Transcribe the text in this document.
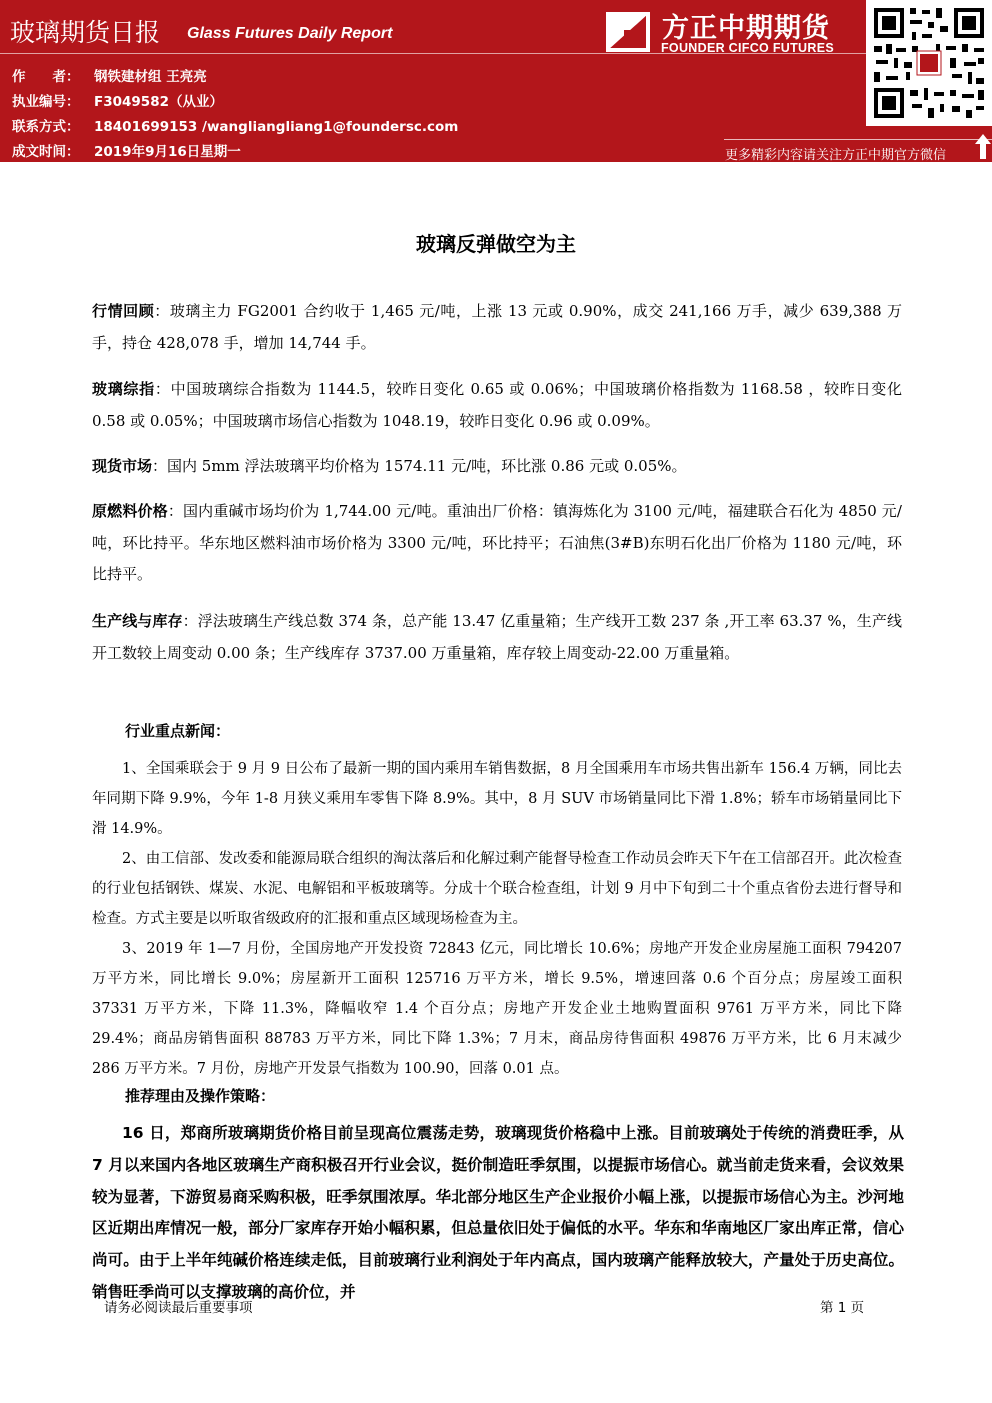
玻璃期货日报 Glass Futures Daily Report
作　　者： 钢铁建材组 王亮亮
执业编号： F3049582（从业）
联系方式： 18401699153 /wangliangliang1@foundersc.com
成文时间： 2019年9月16日星期一
方正中期期货
FOUNDER CIFCO FUTURES
更多精彩内容请关注方正中期官方微信
玻璃反弹做空为主
行情回顾：玻璃主力 FG2001 合约收于 1,465 元/吨，上涨 13 元或 0.90%，成交 241,166 万手，减少 639,388 万手，持仓 428,078 手，增加 14,744 手。
玻璃综指：中国玻璃综合指数为 1144.5，较昨日变化 0.65 或 0.06%；中国玻璃价格指数为 1168.58 ，较昨日变化 0.58 或 0.05%；中国玻璃市场信心指数为 1048.19，较昨日变化 0.96 或 0.09%。
现货市场：国内 5mm 浮法玻璃平均价格为 1574.11 元/吨，环比涨 0.86 元或 0.05%。
原燃料价格：国内重碱市场均价为 1,744.00 元/吨。重油出厂价格：镇海炼化为 3100 元/吨，福建联合石化为 4850 元/吨，环比持平。华东地区燃料油市场价格为 3300 元/吨，环比持平；石油焦(3#B)东明石化出厂价格为 1180 元/吨，环比持平。
生产线与库存：浮法玻璃生产线总数 374 条，总产能 13.47 亿重量箱；生产线开工数 237 条 ,开工率 63.37 %，生产线开工数较上周变动 0.00 条；生产线库存 3737.00 万重量箱，库存较上周变动-22.00 万重量箱。
行业重点新闻：
1、全国乘联会于 9 月 9 日公布了最新一期的国内乘用车销售数据，8 月全国乘用车市场共售出新车 156.4 万辆，同比去年同期下降 9.9%，今年 1-8 月狭义乘用车零售下降 8.9%。其中，8 月 SUV 市场销量同比下滑 1.8%；轿车市场销量同比下滑 14.9%。
2、由工信部、发改委和能源局联合组织的淘汰落后和化解过剩产能督导检查工作动员会昨天下午在工信部召开。此次检查的行业包括钢铁、煤炭、水泥、电解铝和平板玻璃等。分成十个联合检查组，计划 9 月中下旬到二十个重点省份去进行督导和检查。方式主要是以听取省级政府的汇报和重点区域现场检查为主。
3、2019 年 1—7 月份，全国房地产开发投资 72843 亿元，同比增长 10.6%；房地产开发企业房屋施工面积 794207 万平方米，同比增长 9.0%；房屋新开工面积 125716 万平方米，增长 9.5%，增速回落 0.6 个百分点；房屋竣工面积 37331 万平方米，下降 11.3%，降幅收窄 1.4 个百分点；房地产开发企业土地购置面积 9761 万平方米，同比下降 29.4%；商品房销售面积 88783 万平方米，同比下降 1.3%；7 月末，商品房待售面积 49876 万平方米，比 6 月末减少 286 万平方米。7 月份，房地产开发景气指数为 100.90，回落 0.01 点。
推荐理由及操作策略：
16 日，郑商所玻璃期货价格目前呈现高位震荡走势，玻璃现货价格稳中上涨。目前玻璃处于传统的消费旺季，从 7 月以来国内各地区玻璃生产商积极召开行业会议，挺价制造旺季氛围，以提振市场信心。就当前走货来看，会议效果较为显著，下游贸易商采购积极，旺季氛围浓厚。华北部分地区生产企业报价小幅上涨，以提振市场信心为主。沙河地区近期出库情况一般，部分厂家库存开始小幅积累，但总量依旧处于偏低的水平。华东和华南地区厂家出库正常，信心尚可。由于上半年纯碱价格连续走低，目前玻璃行业利润处于年内高点，国内玻璃产能释放较大，产量处于历史高位。销售旺季尚可以支撑玻璃的高价位，并
请务必阅读最后重要事项	第 1 页
